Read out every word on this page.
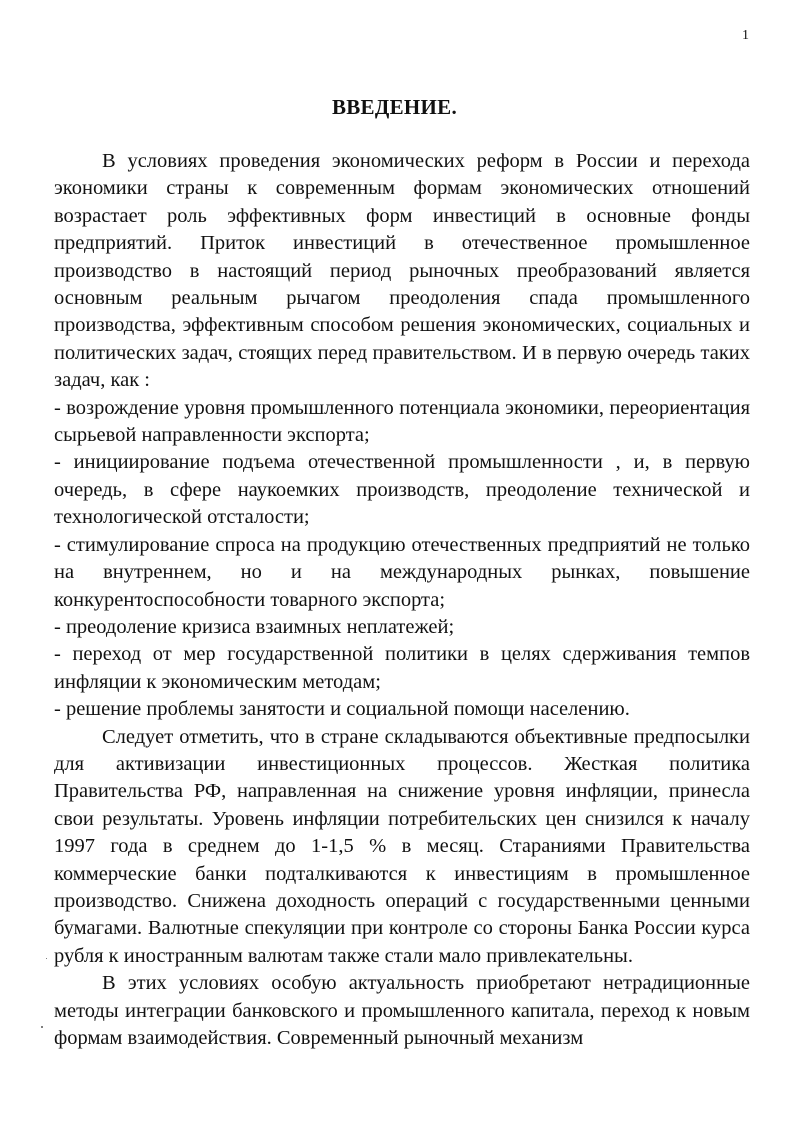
1
ВВЕДЕНИЕ.

В условиях проведения экономических реформ в России и перехода экономики страны к современным формам экономических отношений возрастает роль эффективных форм инвестиций в основные фонды предприятий. Приток инвестиций в отечественное промышленное производство в настоящий период рыночных преобразований является основным реальным рычагом преодоления спада промышленного производства, эффективным способом решения экономических, социальных и политических задач, стоящих перед правительством. И в первую очередь таких задач, как :

- возрождение уровня промышленного потенциала экономики, переориентация сырьевой направленности экспорта;

- инициирование подъема отечественной промышленности , и, в первую очередь, в сфере наукоемких производств, преодоление технической и технологической отсталости;

- стимулирование спроса на продукцию отечественных предприятий не только на внутреннем, но и на международных рынках, повышение конкурентоспособности товарного экспорта;

- преодоление кризиса взаимных неплатежей;

- переход от мер государственной политики в целях сдерживания темпов инфляции к экономическим методам;

- решение проблемы занятости и социальной помощи населению.

Следует отметить, что в стране складываются объективные предпосылки для активизации инвестиционных процессов. Жесткая политика Правительства РФ, направленная на снижение уровня инфляции, принесла свои результаты. Уровень инфляции потребительских цен снизился к началу 1997 года в среднем до 1-1,5 % в месяц. Стараниями Правительства коммерческие банки подталкиваются к инвестициям в промышленное производство. Снижена доходность операций с государственными ценными бумагами. Валютные спекуляции при контроле со стороны Банка России курса рубля к иностранным валютам также стали мало привлекательны.

В этих условиях особую актуальность приобретают нетрадиционные методы интеграции банковского и промышленного капитала, переход к новым формам взаимодействия. Современный рыночный механизм
